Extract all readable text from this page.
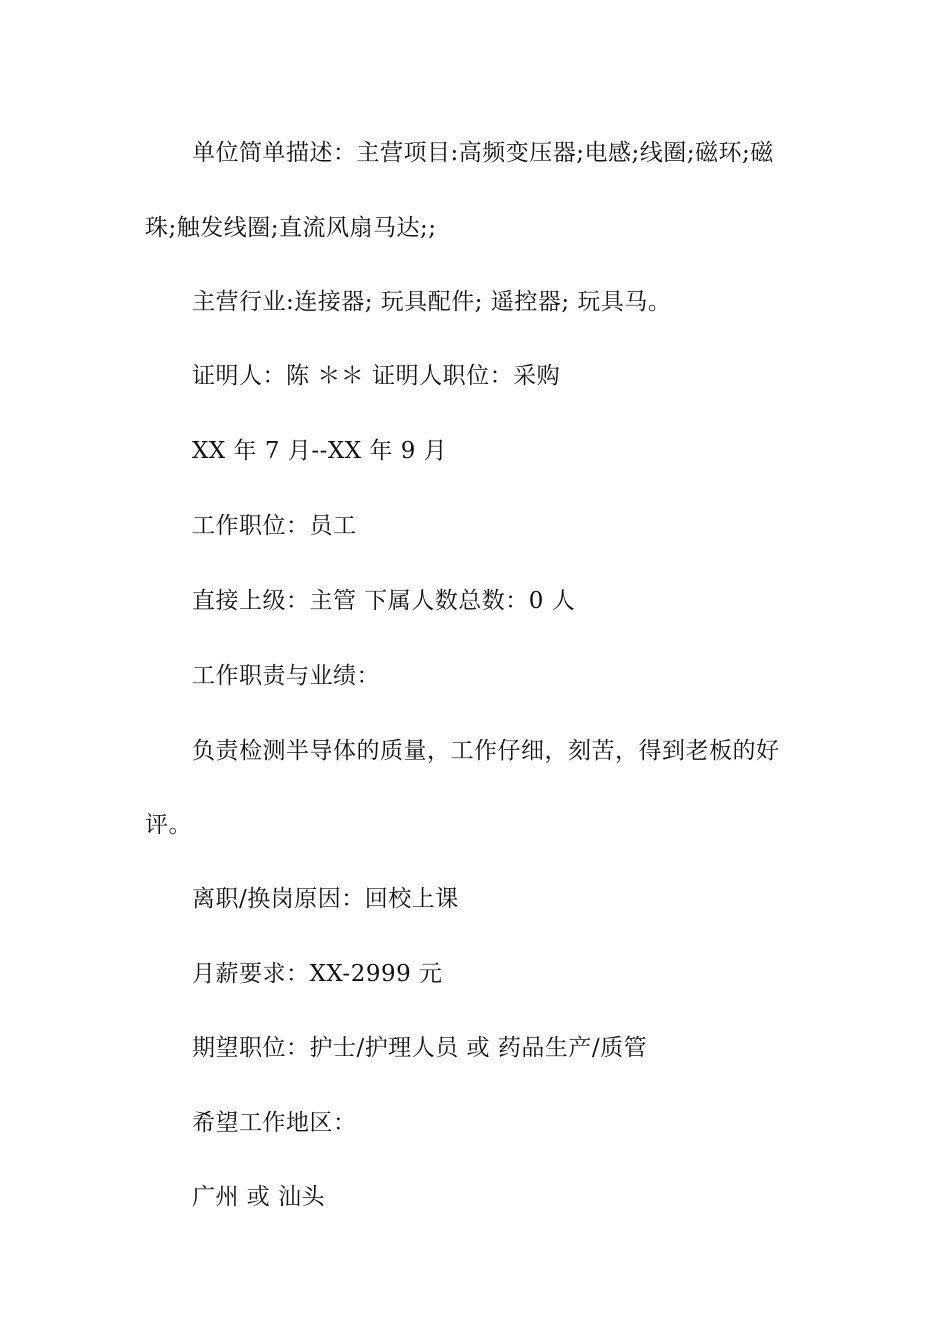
单位简单描述：主营项目:高频变压器;电感;线圈;磁环;磁
珠;触发线圈;直流风扇马达;;
主营行业:连接器; 玩具配件; 遥控器; 玩具马。
证明人：陈 ＊＊ 证明人职位：采购
XX 年 7 月--XX 年 9 月
工作职位：员工
直接上级：主管 下属人数总数：0 人
工作职责与业绩：
负责检测半导体的质量，工作仔细，刻苦，得到老板的好
评。
离职/换岗原因：回校上课
月薪要求：XX-2999 元
期望职位：护士/护理人员 或 药品生产/质管
希望工作地区：
广州 或 汕头
